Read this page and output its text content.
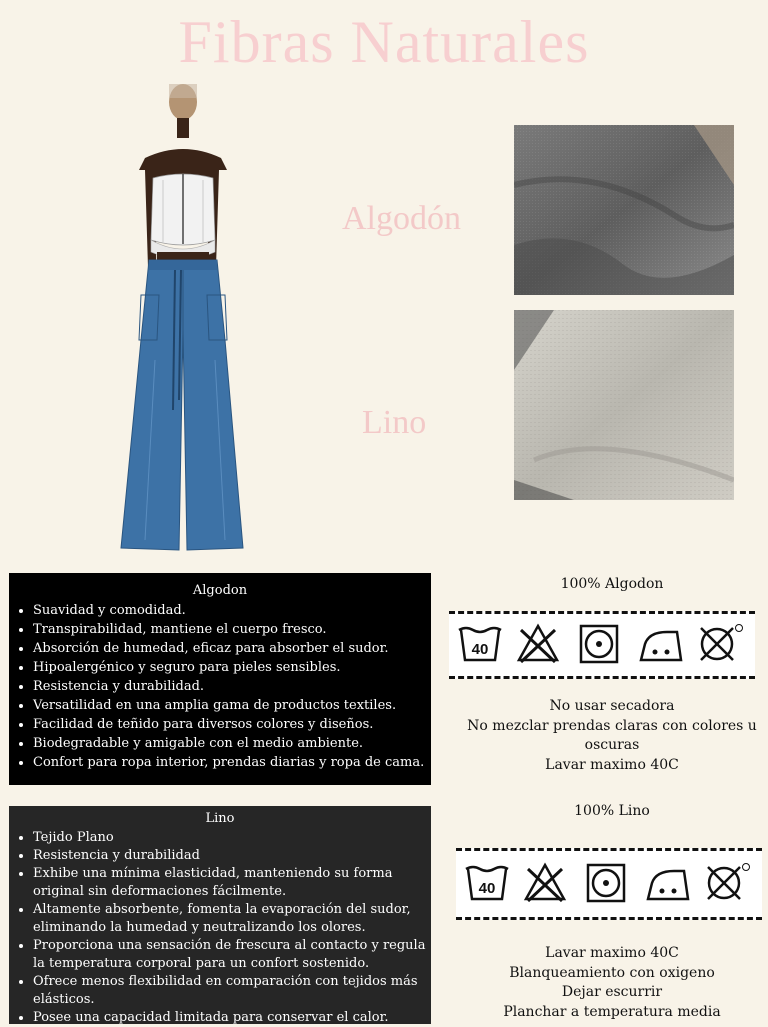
Fibras Naturales
Algodón
Lino
Algodon
• Suavidad y comodidad.
• Transpirabilidad, mantiene el cuerpo fresco.
• Absorción de humedad, eficaz para absorber el sudor.
• Hipoalergénico y seguro para pieles sensibles.
• Resistencia y durabilidad.
• Versatilidad en una amplia gama de productos textiles.
• Facilidad de teñido para diversos colores y diseños.
• Biodegradable y amigable con el medio ambiente.
• Confort para ropa interior, prendas diarias y ropa de cama.
Lino
• Tejido Plano
• Resistencia y durabilidad
• Exhibe una mínima elasticidad, manteniendo su forma original sin deformaciones fácilmente.
• Altamente absorbente, fomenta la evaporación del sudor, eliminando la humedad y neutralizando los olores.
• Proporciona una sensación de frescura al contacto y regula la temperatura corporal para un confort sostenido.
• Ofrece menos flexibilidad en comparación con tejidos más elásticos.
• Posee una capacidad limitada para conservar el calor.
100% Algodon
40
No usar secadora
No mezclar prendas claras con colores u
oscuras
Lavar maximo 40C
100% Lino
40
Lavar maximo 40C
Blanqueamiento con oxigeno
Dejar escurrir
Planchar a temperatura media
